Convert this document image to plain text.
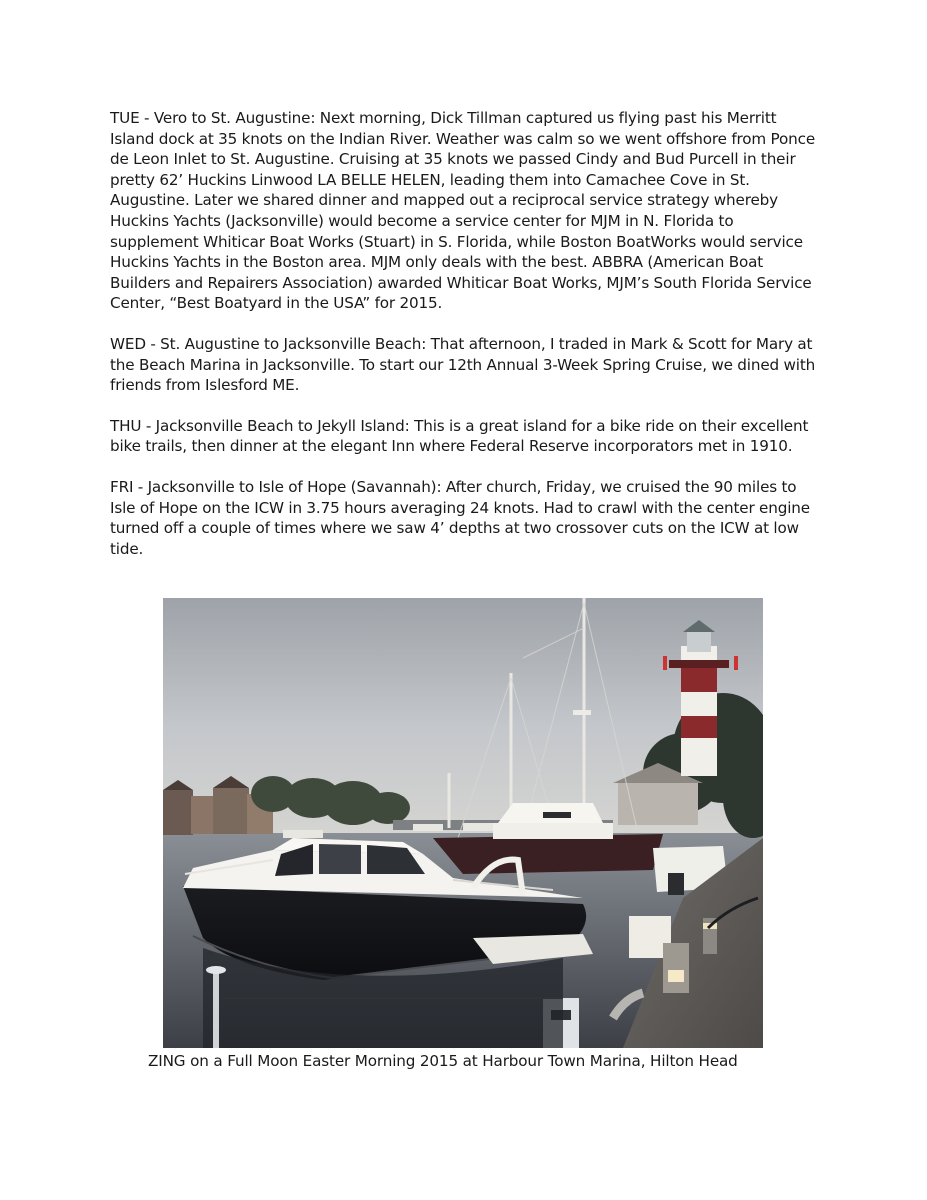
TUE - Vero to St. Augustine: Next morning, Dick Tillman captured us flying past his Merritt Island dock at 35 knots on the Indian River. Weather was calm so we went offshore from Ponce de Leon Inlet to St. Augustine. Cruising at 35 knots we passed Cindy and Bud Purcell in their pretty 62’ Huckins Linwood LA BELLE HELEN, leading them into Camachee Cove in St. Augustine. Later we shared dinner and mapped out a reciprocal service strategy whereby Huckins Yachts (Jacksonville) would become a service center for MJM in N. Florida to supplement Whiticar Boat Works (Stuart) in S. Florida, while Boston BoatWorks would service Huckins Yachts in the Boston area. MJM only deals with the best. ABBRA (American Boat Builders and Repairers Association) awarded Whiticar Boat Works, MJM’s South Florida Service Center, “Best Boatyard in the USA” for 2015.

WED - St. Augustine to Jacksonville Beach: That afternoon, I traded in Mark & Scott for Mary at the Beach Marina in Jacksonville. To start our 12th Annual 3-Week Spring Cruise, we dined with friends from Islesford ME.

THU - Jacksonville Beach to Jekyll Island: This is a great island for a bike ride on their excellent bike trails, then dinner at the elegant Inn where Federal Reserve incorporators met in 1910.

FRI - Jacksonville to Isle of Hope (Savannah): After church, Friday, we cruised the 90 miles to Isle of Hope on the ICW in 3.75 hours averaging 24 knots. Had to crawl with the center engine turned off a couple of times where we saw 4’ depths at two crossover cuts on the ICW at low tide.

ZING on a Full Moon Easter Morning 2015 at Harbour Town Marina, Hilton Head
